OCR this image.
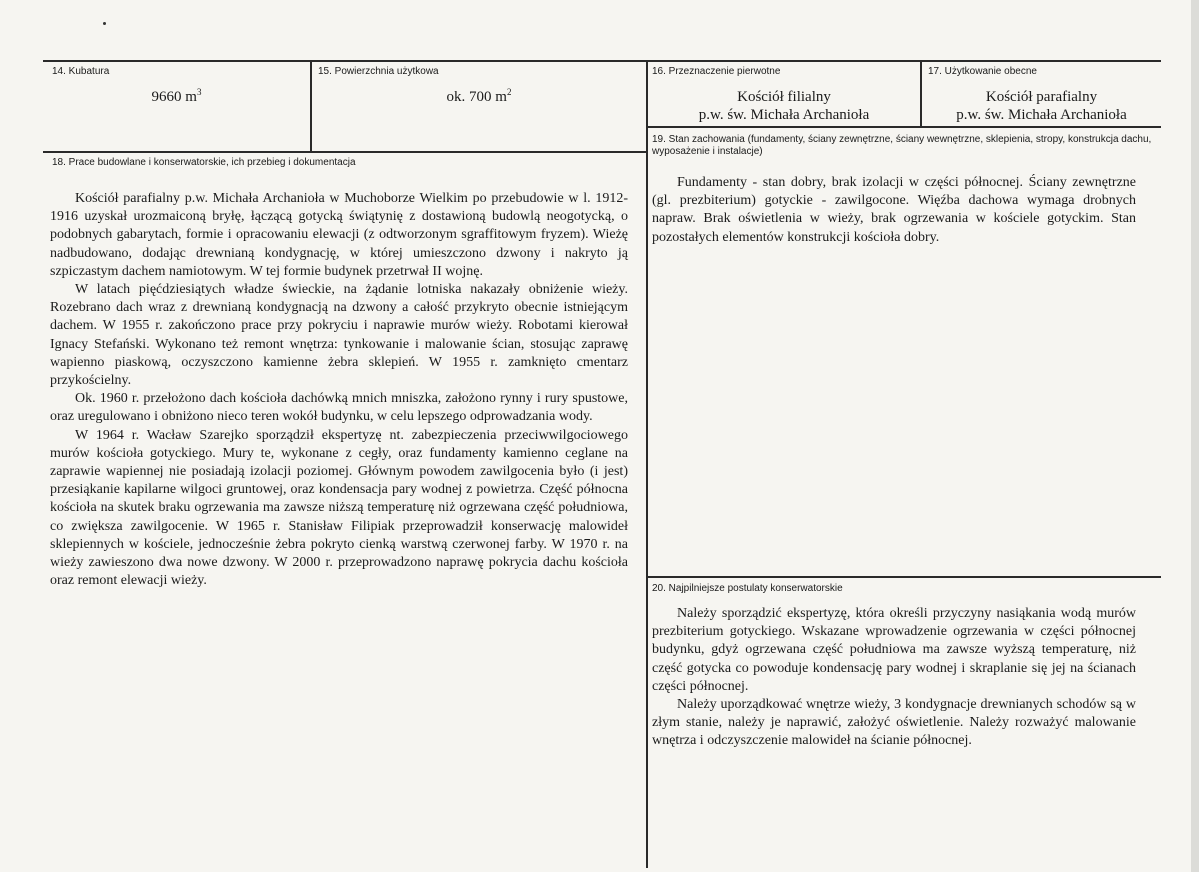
14. Kubatura
9660 $m^3$
15. Powierzchnia użytkowa
ok. 700 $m^2$
16. Przeznaczenie pierwotne
Kościół filialny
p.w. św. Michała Archanioła
17. Użytkowanie obecne
Kościół parafialny
p.w. św. Michała Archanioła
18. Prace budowlane i konserwatorskie, ich przebieg i dokumentacja

Kościół parafialny p.w. Michała Archanioła w Muchoborze Wielkim po przebudowie w l. 1912-1916 uzyskał urozmaiconą bryłę, łączącą gotycką świątynię z dostawioną budowlą neogotycką, o podobnych gabarytach, formie i opracowaniu elewacji (z odtworzonym sgraffitowym fryzem). Wieżę nadbudowano, dodając drewnianą kondygnację, w której umieszczono dzwony i nakryto ją szpiczastym dachem namiotowym. W tej formie budynek przetrwał II wojnę.

W latach pięćdziesiątych władze świeckie, na żądanie lotniska nakazały obniżenie wieży. Rozebrano dach wraz z drewnianą kondygnacją na dzwony a całość przykryto obecnie istniejącym dachem. W 1955 r. zakończono prace przy pokryciu i naprawie murów wieży. Robotami kierował Ignacy Stefański. Wykonano też remont wnętrza: tynkowanie i malowanie ścian, stosując zaprawę wapienno piaskową, oczyszczono kamienne żebra sklepień. W 1955 r. zamknięto cmentarz przykościelny.

Ok. 1960 r. przełożono dach kościoła dachówką mnich mniszka, założono rynny i rury spustowe, oraz uregulowano i obniżono nieco teren wokół budynku, w celu lepszego odprowadzania wody.

W 1964 r. Wacław Szarejko sporządził ekspertyzę nt. zabezpieczenia przeciwwilgociowego murów kościoła gotyckiego. Mury te, wykonane z cegły, oraz fundamenty kamienno ceglane na zaprawie wapiennej nie posiadają izolacji poziomej. Głównym powodem zawilgocenia było (i jest) przesiąkanie kapilarne wilgoci gruntowej, oraz kondensacja pary wodnej z powietrza. Część północna kościoła na skutek braku ogrzewania ma zawsze niższą temperaturę niż ogrzewana część południowa, co zwiększa zawilgocenie. W 1965 r. Stanisław Filipiak przeprowadził konserwację malowideł sklepiennych w kościele, jednocześnie żebra pokryto cienką warstwą czerwonej farby. W 1970 r. na wieży zawieszono dwa nowe dzwony. W 2000 r. przeprowadzono naprawę pokrycia dachu kościoła oraz remont elewacji wieży.

19. Stan zachowania (fundamenty, ściany zewnętrzne, ściany wewnętrzne, sklepienia, stropy, konstrukcja dachu, wyposażenie i instalacje)

Fundamenty - stan dobry, brak izolacji w części północnej. Ściany zewnętrzne (gl. prezbiterium) gotyckie - zawilgocone. Więźba dachowa wymaga drobnych napraw. Brak oświetlenia w wieży, brak ogrzewania w kościele gotyckim. Stan pozostałych elementów konstrukcji kościoła dobry.

20. Najpilniejsze postulaty konserwatorskie

Należy sporządzić ekspertyzę, która określi przyczyny nasiąkania wodą murów prezbiterium gotyckiego. Wskazane wprowadzenie ogrzewania w części północnej budynku, gdyż ogrzewana część południowa ma zawsze wyższą temperaturę, niż część gotycka co powoduje kondensację pary wodnej i skraplanie się jej na ścianach części północnej.

Należy uporządkować wnętrze wieży, 3 kondygnacje drewnianych schodów są w złym stanie, należy je naprawić, założyć oświetlenie. Należy rozważyć malowanie wnętrza i odczyszczenie malowideł na ścianie północnej.
